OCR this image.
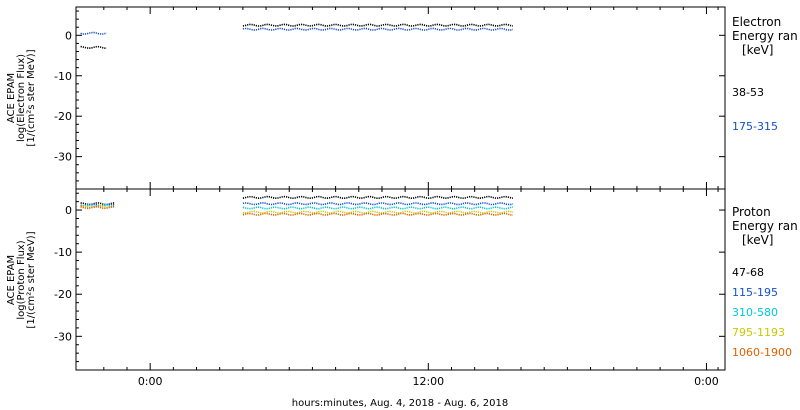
ACE EPAM log(Electron Flux) [1/(cm²s ster MeV)]
ACE EPAM log(Proton Flux) [1/(cm²s ster MeV)]
Electron
Energy ran
[keV]
Proton
Energy ran
[keV]
hours:minutes, Aug. 4, 2018 - Aug. 6, 2018
0
-10
-20
-30
38-53
175-315
0
-10
-20
-30
47-68
115-195
310-580
795-1193
1060-1900
0:00	12:00	0:00
